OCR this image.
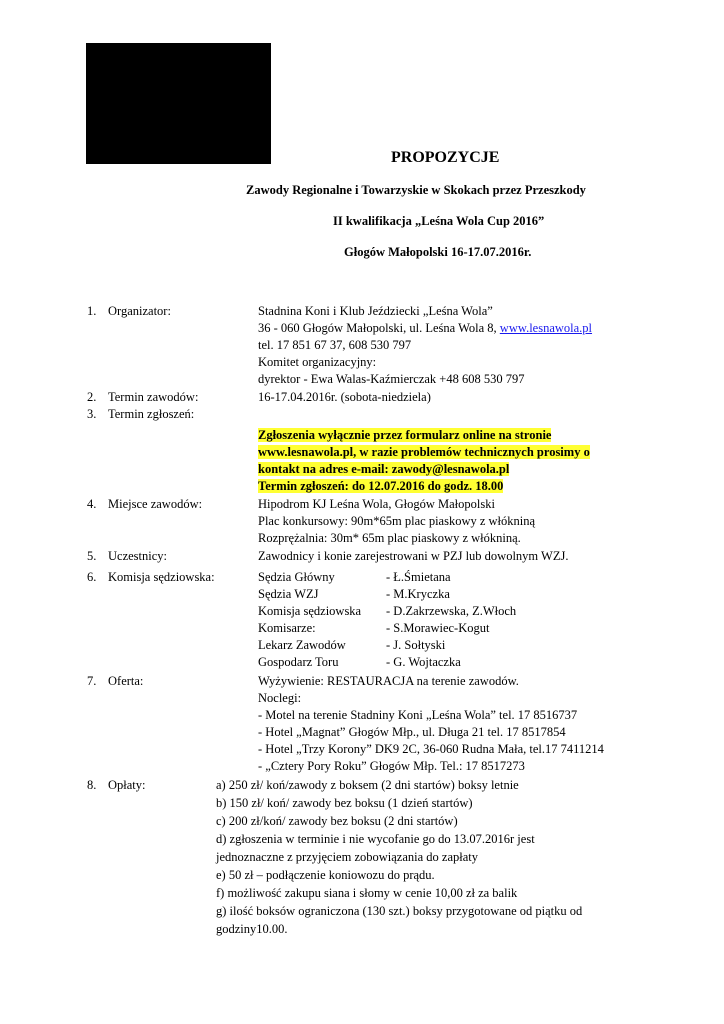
PROPOZYCJE
Zawody Regionalne i Towarzyskie w Skokach przez Przeszkody
II kwalifikacja „Leśna Wola Cup 2016”
Głogów Małopolski 16-17.07.2016r.
1. Organizator:	Stadnina Koni i Klub Jeździecki „Leśna Wola”
36 - 060 Głogów Małopolski, ul. Leśna Wola 8, www.lesnawola.pl
tel. 17 851 67 37, 608 530 797
Komitet organizacyjny:
dyrektor - Ewa Walas-Kaźmierczak +48 608 530 797
2. Termin zawodów:	16-17.04.2016r. (sobota-niedziela)
3. Termin zgłoszeń:
Zgłoszenia wyłącznie przez formularz online na stronie
www.lesnawola.pl, w razie problemów technicznych prosimy o
kontakt na adres e-mail: zawody@lesnawola.pl
Termin zgłoszeń: do 12.07.2016 do godz. 18.00
4. Miejsce zawodów:	Hipodrom KJ Leśna Wola, Głogów Małopolski
Plac konkursowy: 90m*65m plac piaskowy z włókniną
Rozprężalnia: 30m* 65m plac piaskowy z włókniną.
5. Uczestnicy:	Zawodnicy i konie zarejestrowani w PZJ lub dowolnym WZJ.
6. Komisja sędziowska:	Sędzia Główny	- Ł.Śmietana
Sędzia WZJ	- M.Kryczka
Komisja sędziowska - D.Zakrzewska, Z.Włoch
Komisarze:	- S.Morawiec-Kogut
Lekarz Zawodów	- J. Sołtyski
Gospodarz Toru	- G. Wojtaczka
7. Oferta:	Wyżywienie: RESTAURACJA na terenie zawodów.
Noclegi:
- Motel na terenie Stadniny Koni „Leśna Wola” tel. 17 8516737
- Hotel „Magnat” Głogów Młp., ul. Długa 21 tel. 17 8517854
- Hotel „Trzy Korony” DK9 2C, 36-060 Rudna Mała, tel.17 7411214
- „Cztery Pory Roku” Głogów Młp. Tel.: 17 8517273
8. Opłaty:	a) 250 zł/ koń/zawody z boksem (2 dni startów) boksy letnie
b) 150 zł/ koń/ zawody bez boksu (1 dzień startów)
c) 200 zł/koń/ zawody bez boksu (2 dni startów)
d) zgłoszenia w terminie i nie wycofanie go do 13.07.2016r jest
jednoznaczne z przyjęciem zobowiązania do zapłaty
e) 50 zł – podłączenie koniowozu do prądu.
f) możliwość zakupu siana i słomy w cenie 10,00 zł za balik
g) ilość boksów ograniczona (130 szt.) boksy przygotowane od piątku od
godziny10.00.
